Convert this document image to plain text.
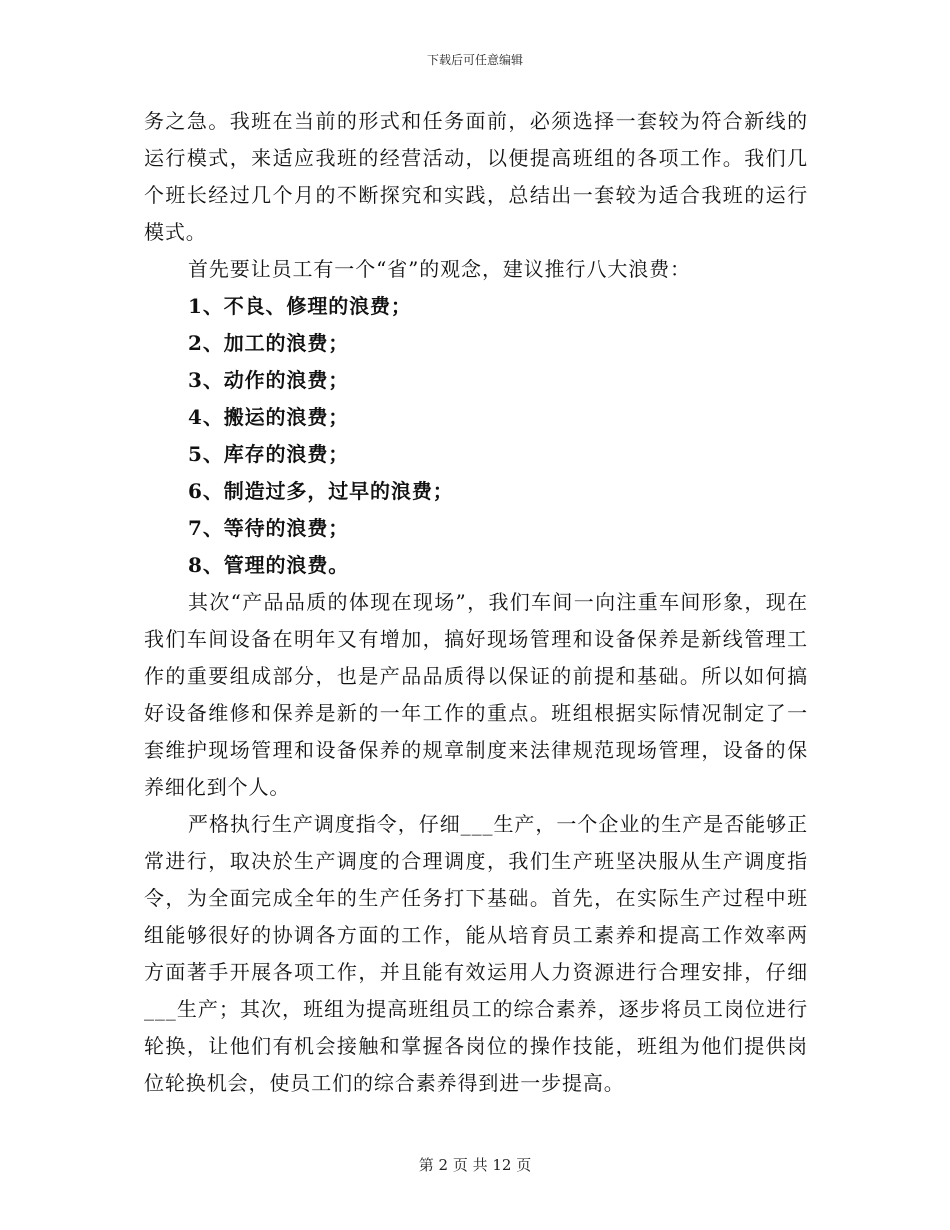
下载后可任意编辑

务之急。我班在当前的形式和任务面前，必须选择一套较为符合新线的运行模式，来适应我班的经营活动，以便提高班组的各项工作。我们几个班长经过几个月的不断探究和实践，总结出一套较为适合我班的运行模式。

首先要让员工有一个“省”的观念，建议推行八大浪费：

1、不良、修理的浪费；

2、加工的浪费；

3、动作的浪费；

4、搬运的浪费；

5、库存的浪费；

6、制造过多，过早的浪费；

7、等待的浪费；

8、管理的浪费。

其次“产品品质的体现在现场”，我们车间一向注重车间形象，现在我们车间设备在明年又有增加，搞好现场管理和设备保养是新线管理工作的重要组成部分，也是产品品质得以保证的前提和基础。所以如何搞好设备维修和保养是新的一年工作的重点。班组根据实际情况制定了一套维护现场管理和设备保养的规章制度来法律规范现场管理，设备的保养细化到个人。

严格执行生产调度指令，仔细___生产，一个企业的生产是否能够正常进行，取决於生产调度的合理调度，我们生产班坚决服从生产调度指令，为全面完成全年的生产任务打下基础。首先，在实际生产过程中班组能够很好的协调各方面的工作，能从培育员工素养和提高工作效率两方面著手开展各项工作，并且能有效运用人力资源进行合理安排，仔细___生产；其次，班组为提高班组员工的综合素养，逐步将员工岗位进行轮换，让他们有机会接触和掌握各岗位的操作技能，班组为他们提供岗位轮换机会，使员工们的综合素养得到进一步提高。

第 2 页 共 12 页
